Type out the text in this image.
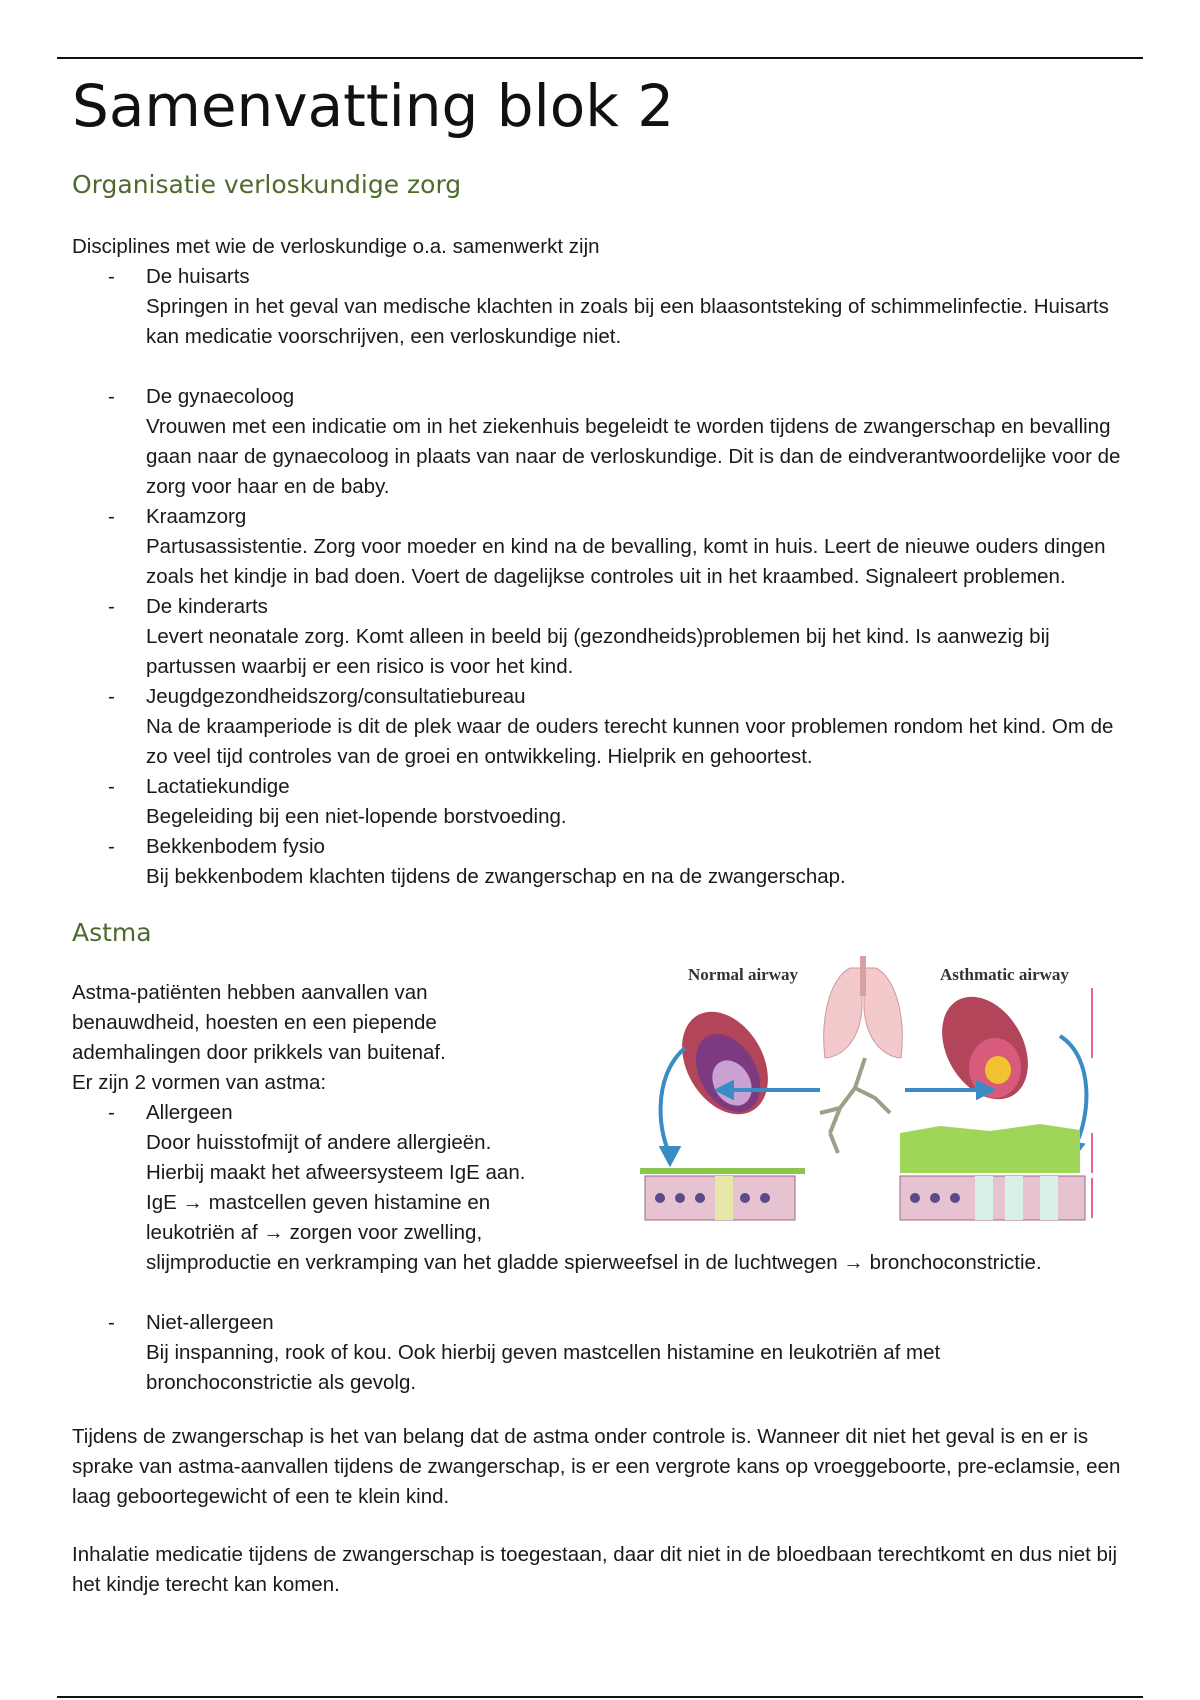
Samenvatting blok 2
Organisatie verloskundige zorg

Disciplines met wie de verloskundige o.a. samenwerkt zijn

- De huisarts
Springen in het geval van medische klachten in zoals bij een blaasontsteking of schimmelinfectie. Huisarts kan medicatie voorschrijven, een verloskundige niet.
- De gynaecoloog
Vrouwen met een indicatie om in het ziekenhuis begeleidt te worden tijdens de zwangerschap en bevalling gaan naar de gynaecoloog in plaats van naar de verloskundige. Dit is dan de eindverantwoordelijke voor de zorg voor haar en de baby.
- Kraamzorg
Partusassistentie. Zorg voor moeder en kind na de bevalling, komt in huis. Leert de nieuwe ouders dingen zoals het kindje in bad doen. Voert de dagelijkse controles uit in het kraambed. Signaleert problemen.
- De kinderarts
Levert neonatale zorg. Komt alleen in beeld bij (gezondheids)problemen bij het kind. Is aanwezig bij partussen waarbij er een risico is voor het kind.
- Jeugdgezondheidszorg/consultatiebureau
Na de kraamperiode is dit de plek waar de ouders terecht kunnen voor problemen rondom het kind. Om de zo veel tijd controles van de groei en ontwikkeling. Hielprik en gehoortest.
- Lactatiekundige
Begeleiding bij een niet-lopende borstvoeding.
- Bekkenbodem fysio
Bij bekkenbodem klachten tijdens de zwangerschap en na de zwangerschap.
Astma
Astma-patiënten hebben aanvallen van
benauwdheid, hoesten en een piepende
ademhalingen door prikkels van buitenaf.
Er zijn 2 vormen van astma:
- Allergeen
Door huisstofmijt of andere allergieën.
Hierbij maakt het afweersysteem IgE aan.
IgE → mastcellen geven histamine en
leukotriën af → zorgen voor zwelling,
slijmproductie en verkramping van het gladde spierweefsel in de luchtwegen → bronchoconstrictie.
- Niet-allergeen
Bij inspanning, rook of kou. Ook hierbij geven mastcellen histamine en leukotriën af met bronchoconstrictie als gevolg.

Tijdens de zwangerschap is het van belang dat de astma onder controle is. Wanneer dit niet het geval is en er is sprake van astma-aanvallen tijdens de zwangerschap, is er een vergrote kans op vroeggeboorte, pre-eclamsie, een laag geboortegewicht of een te klein kind.

Inhalatie medicatie tijdens de zwangerschap is toegestaan, daar dit niet in de bloedbaan terechtkomt en dus niet bij het kindje terecht kan komen.

Normal airway	Asthmatic airway
